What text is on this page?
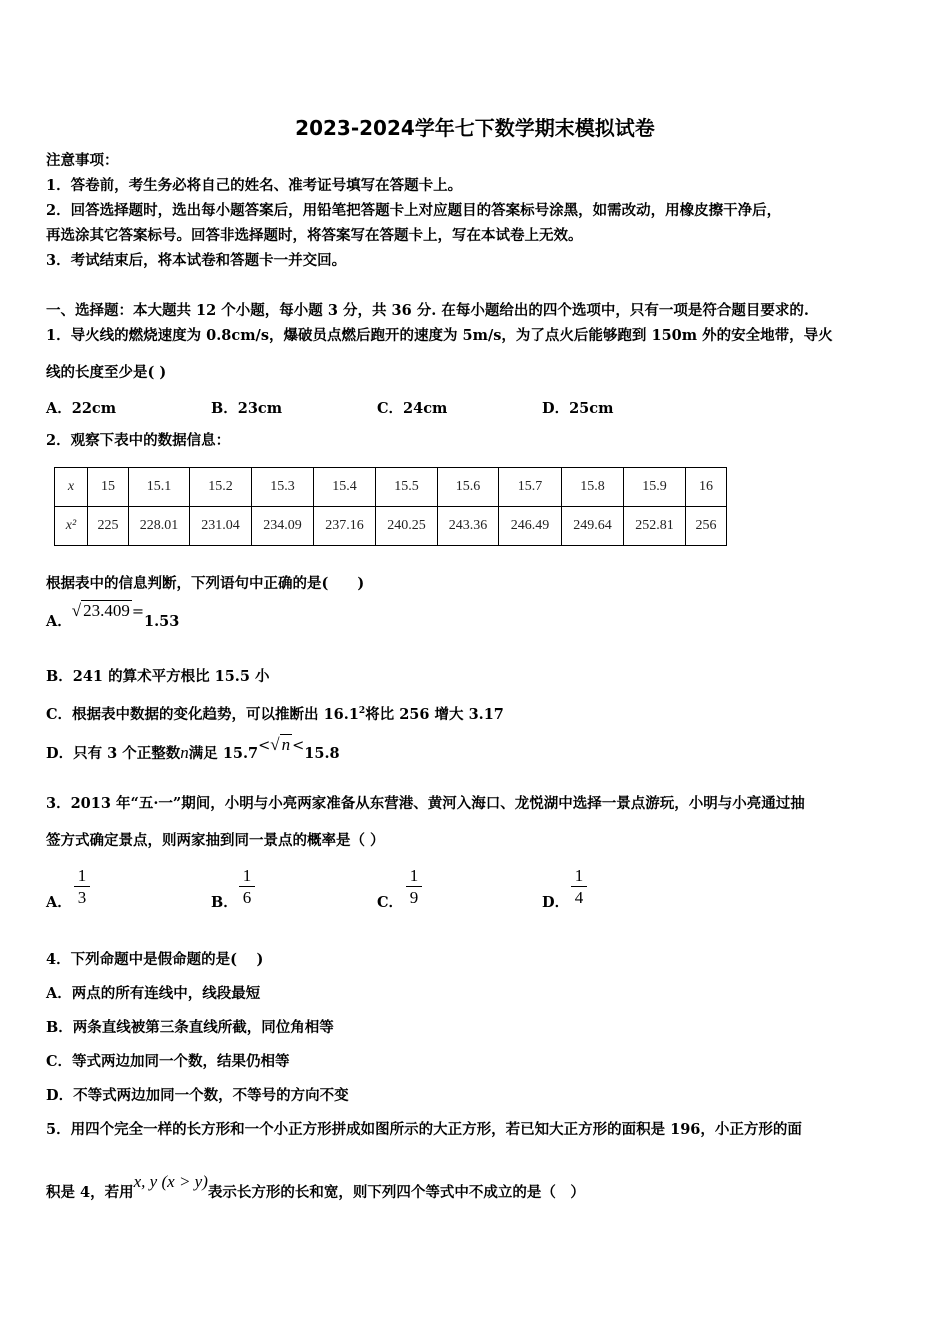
2023-2024学年七下数学期末模拟试卷
注意事项：
1．答卷前，考生务必将自己的姓名、准考证号填写在答题卡上。
2．回答选择题时，选出每小题答案后，用铅笔把答题卡上对应题目的答案标号涂黑，如需改动，用橡皮擦干净后，
再选涂其它答案标号。回答非选择题时，将答案写在答题卡上，写在本试卷上无效。
3．考试结束后，将本试卷和答题卡一并交回。
一、选择题：本大题共 12 个小题，每小题 3 分，共 36 分. 在每小题给出的四个选项中，只有一项是符合题目要求的.
1．导火线的燃烧速度为 0.8cm/s，爆破员点燃后跑开的速度为 5m/s，为了点火后能够跑到 150m 外的安全地带，导火
线的长度至少是( )
A．22cm	B．23cm	C．24cm	D．25cm
2．观察下表中的数据信息：
x	15	15.1	15.2	15.3	15.4	15.5	15.6	15.7	15.8	15.9	16
x²	225	228.01	231.04	234.09	237.16	240.25	243.36	246.49	249.64	252.81	256
根据表中的信息判断，下列语句中正确的是(　　)
A．√ 23.409 =1.53
B．241 的算术平方根比 15.5 小
C．根据表中数据的变化趋势，可以推断出 16.1$^2$将比 256 增大 3.17
D．只有 3 个正整数n满足 15.7<√ n <15.8
3．2013 年“五·一”期间，小明与小亮两家准备从东营港、黄河入海口、龙悦湖中选择一景点游玩，小明与小亮通过抽
签方式确定景点，则两家抽到同一景点的概率是（ ）
A． $\frac{1}{3}$	B． $\frac{1}{6}$	C． $\frac{1}{9}$	D． $\frac{1}{4}$
4．下列命题中是假命题的是(　 )
A．两点的所有连线中，线段最短
B．两条直线被第三条直线所截，同位角相等
C．等式两边加同一个数，结果仍相等
D．不等式两边加同一个数，不等号的方向不变
5．用四个完全一样的长方形和一个小正方形拼成如图所示的大正方形，若已知大正方形的面积是 196，小正方形的面
积是 4，若用x, y (x > y)表示长方形的长和宽，则下列四个等式中不成立的是（　）
